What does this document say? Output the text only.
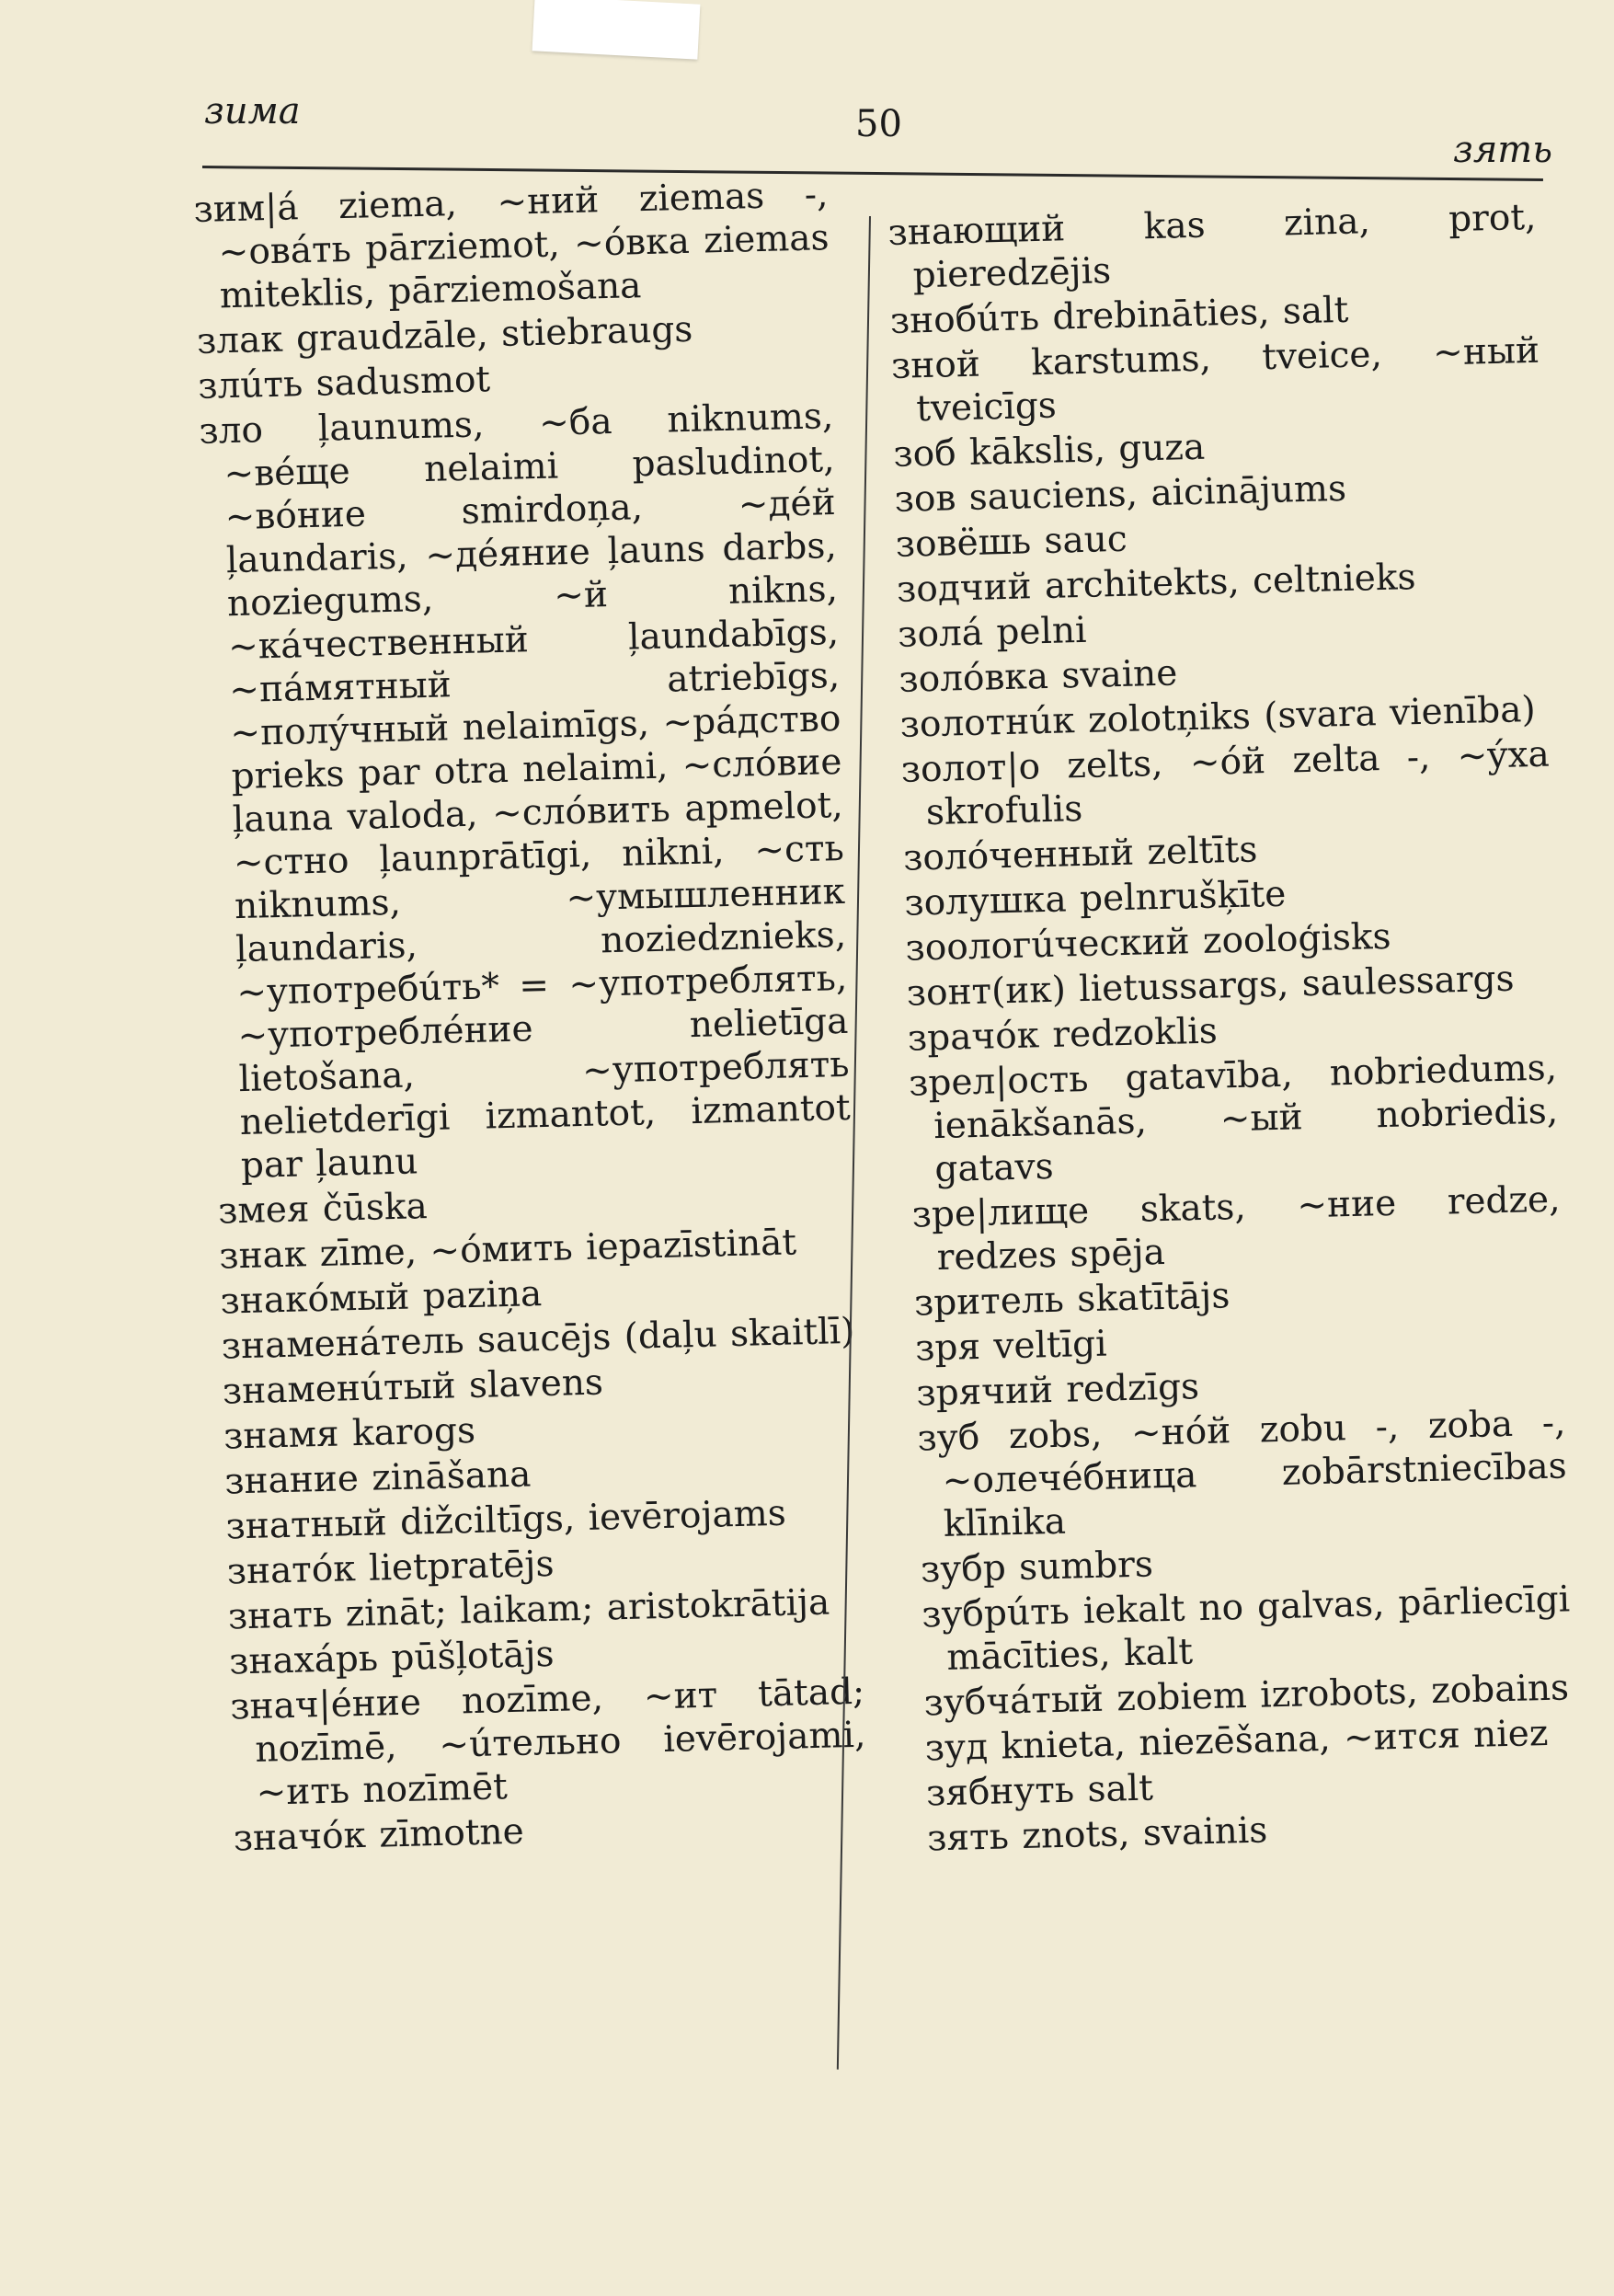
зима	50
зять
зим|á ziema, ~ний ziemas -, ~овáть pārziemot, ~óвка ziemas miteklis, pārziemošana
злак graudzāle, stiebraugs
злúть sadusmot
зло ļaunums, ~бa niknums, ~вéще nelaimi pasludinot, ~вóние smirdoņa, ~дéй ļaundaris, ~дéяние ļauns darbs, noziegums, ~й nikns, ~кáчественный ļaundabīgs, ~пáмятный atriebīgs, ~полýчный nelaimīgs, ~рáдство prieks par otra nelaimi, ~слóвие ļauna valoda, ~слóвить apmelot, ~стно ļaunprātīgi, nikni, ~сть niknums, ~умышленник ļaundaris, noziedznieks, ~употребúть* = ~употреблять, ~употреблéние nelietīga lietošana, ~употреблять nelietderīgi izmantot, izmantot par ļaunu
змея čūska
знак zīme, ~óмить iepazīstināt
знакóмый paziņa
знаменáтель saucējs (daļu skaitlī)
знаменúтый slavens
знамя karogs
знание zināšana
знатный dižciltīgs, ievērojams
знатóк lietpratējs
знать zināt; laikam; aristokrātija
знахáрь pūšļotājs
знач|éние nozīme, ~ит tātad; nozīmē, ~úтельно ievērojami, ~ить nozīmēt
значóк zīmotne
знающий kas zina, prot, pieredzējis
знобúть drebināties, salt
зной karstums, tveice, ~ный tveicīgs
зоб kākslis, guza
зов sauciens, aicinājums
зовёшь sauc
зодчий architekts, celtnieks
золá pelni
золóвка svaine
золотнúк zolotņiks (svara vienība)
золот|о zelts, ~óй zelta -, ~ýха skrofulis
золóченный zeltīts
золушка pelnrušķīte
зоологúческий zooloģisks
зонт(ик) lietussargs, saulessargs
зрачóк redzoklis
зрел|ость gatavība, nobriedums, ienākšanās, ~ый nobriedis, gatavs
зре|лище skats, ~ние redze, redzes spēja
зритель skatītājs
зря veltīgi
зрячий redzīgs
зуб zobs, ~нóй zobu -, zoba -, ~олечéбница zobārstniecības klīnika
зубр sumbrs
зубрúть iekalt no galvas, pārliecīgi mācīties, kalt
зубчáтый zobiem izrobots, zobains
зуд knieta, niezēšana, ~ится niez
зябнуть salt
зять znots, svainis
